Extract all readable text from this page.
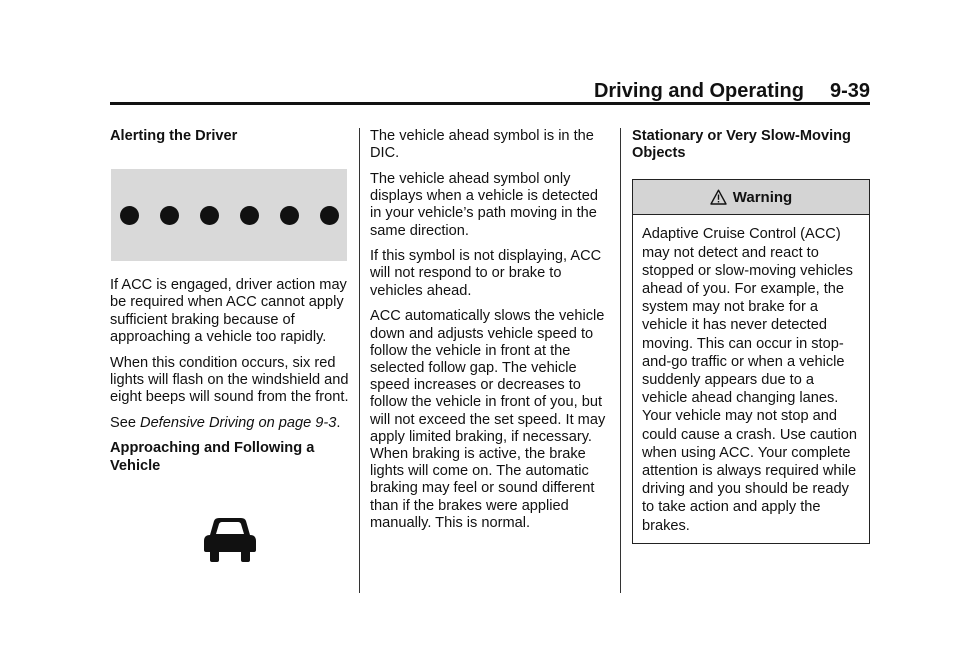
Driving and Operating 9-39

Alerting the Driver

If ACC is engaged, driver action may be required when ACC cannot apply sufficient braking because of approaching a vehicle too rapidly.

When this condition occurs, six red lights will flash on the windshield and eight beeps will sound from the front.

See Defensive Driving on page 9-3.

Approaching and Following a Vehicle

The vehicle ahead symbol is in the DIC.

The vehicle ahead symbol only displays when a vehicle is detected in your vehicle’s path moving in the same direction.

If this symbol is not displaying, ACC will not respond to or brake to vehicles ahead.

ACC automatically slows the vehicle down and adjusts vehicle speed to follow the vehicle in front at the selected follow gap. The vehicle speed increases or decreases to follow the vehicle in front of you, but will not exceed the set speed. It may apply limited braking, if necessary. When braking is active, the brake lights will come on. The automatic braking may feel or sound different than if the brakes were applied manually. This is normal.

Stationary or Very Slow-Moving Objects

Warning
Adaptive Cruise Control (ACC) may not detect and react to stopped or slow-moving vehicles ahead of you. For example, the system may not brake for a vehicle it has never detected moving. This can occur in stop-and-go traffic or when a vehicle suddenly appears due to a vehicle ahead changing lanes. Your vehicle may not stop and could cause a crash. Use caution when using ACC. Your complete attention is always required while driving and you should be ready to take action and apply the brakes.
